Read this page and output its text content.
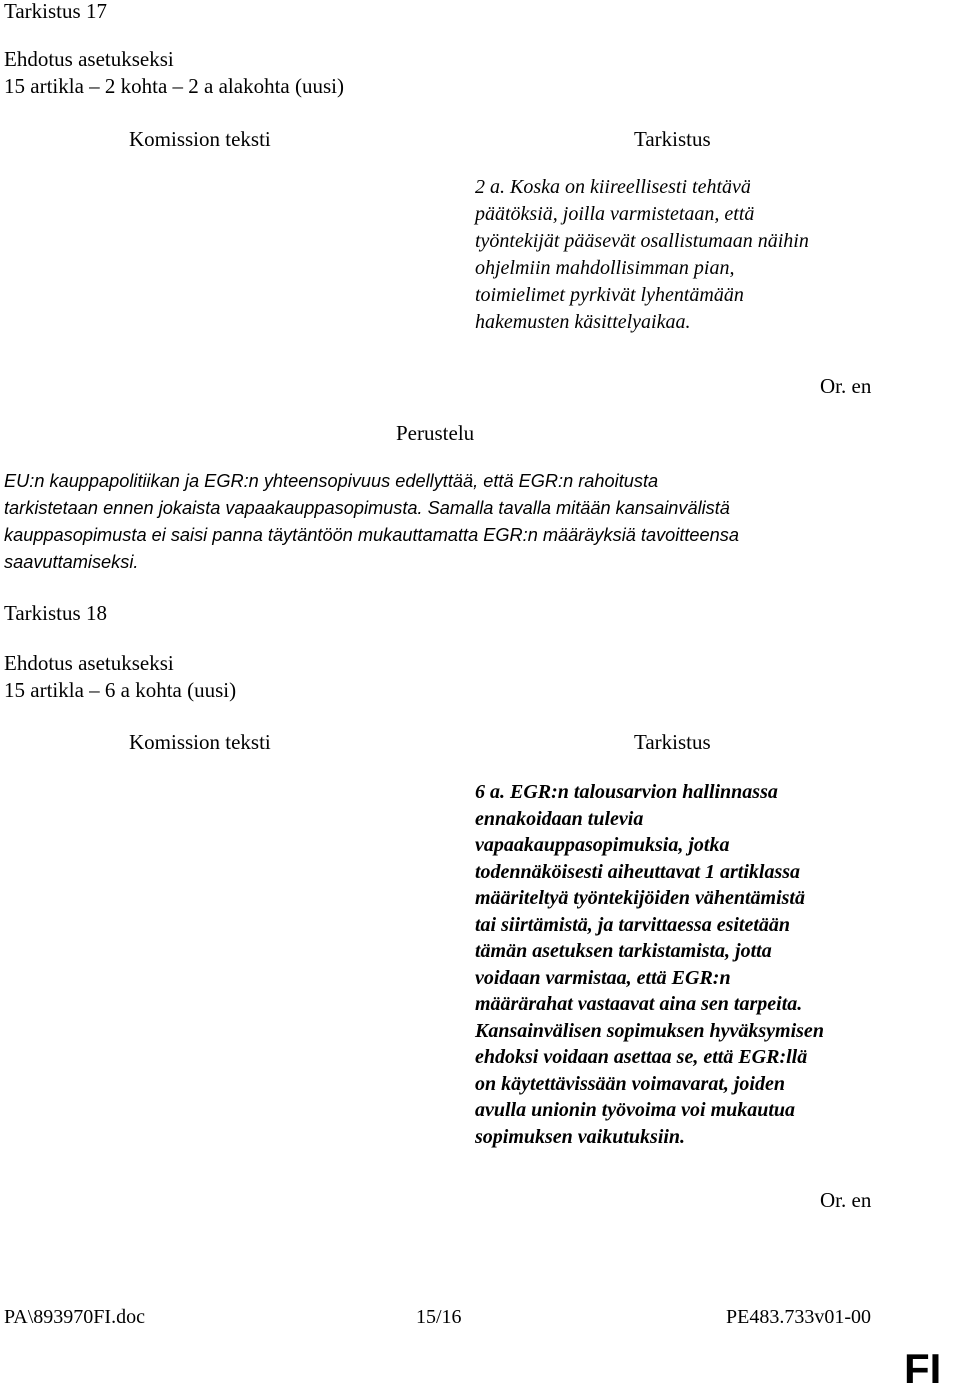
Tarkistus 17
Ehdotus asetukseksi
15 artikla – 2 kohta – 2 a alakohta (uusi)
Komission teksti	Tarkistus
2 a. Koska on kiireellisesti tehtävä
päätöksiä, joilla varmistetaan, että
työntekijät pääsevät osallistumaan näihin
ohjelmiin mahdollisimman pian,
toimielimet pyrkivät lyhentämään
hakemusten käsittelyaikaa.
Or. en
Perustelu
EU:n kauppapolitiikan ja EGR:n yhteensopivuus edellyttää, että EGR:n rahoitusta
tarkistetaan ennen jokaista vapaakauppasopimusta. Samalla tavalla mitään kansainvälistä
kauppasopimusta ei saisi panna täytäntöön mukauttamatta EGR:n määräyksiä tavoitteensa
saavuttamiseksi.
Tarkistus 18
Ehdotus asetukseksi
15 artikla – 6 a kohta (uusi)
Komission teksti	Tarkistus
6 a. EGR:n talousarvion hallinnassa
ennakoidaan tulevia
vapaakauppasopimuksia, jotka
todennäköisesti aiheuttavat 1 artiklassa
määriteltyä työntekijöiden vähentämistä
tai siirtämistä, ja tarvittaessa esitetään
tämän asetuksen tarkistamista, jotta
voidaan varmistaa, että EGR:n
määrärahat vastaavat aina sen tarpeita.
Kansainvälisen sopimuksen hyväksymisen
ehdoksi voidaan asettaa se, että EGR:llä
on käytettävissään voimavarat, joiden
avulla unionin työvoima voi mukautua
sopimuksen vaikutuksiin.
Or. en
PA\893970FI.doc	15/16	PE483.733v01-00
FI
